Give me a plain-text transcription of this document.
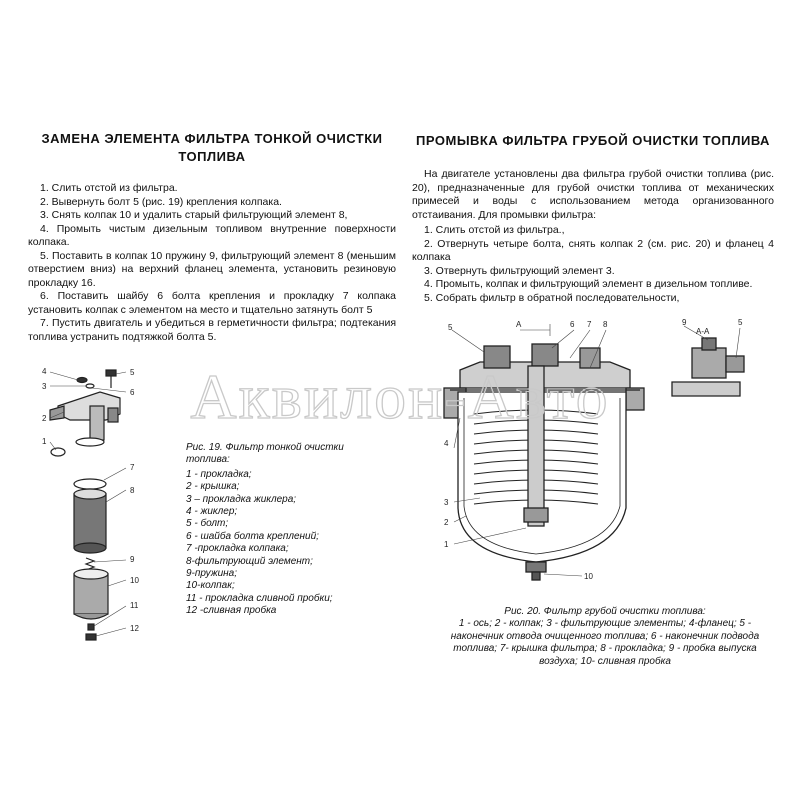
ЗАМЕНА ЭЛЕМЕНТА ФИЛЬТРА ТОНКОЙ ОЧИСТКИ ТОПЛИВА

1. Слить отстой из фильтра.

2. Вывернуть болт 5 (рис. 19) крепления колпака.

3. Снять колпак 10 и удалить старый фильтрующий элемент 8,

4. Промыть чистым дизельным топливом внутренние поверхности колпака.

5. Поставить в колпак 10 пружину 9, фильтрующий элемент 8 (меньшим отверстием вниз) на верхний фланец элемента, установить резиновую прокладку 16.

6. Поставить шайбу 6 болта крепления и прокладку 7 колпака установить колпак с элементом на место и тщательно затянуть болт 5

7. Пустить двигатель и убедиться в герметичности фильтра; подтекания топлива устранить подтяжкой болта 5.

ПРОМЫВКА ФИЛЬТРА ГРУБОЙ ОЧИСТКИ ТОПЛИВА

На двигателе установлены два фильтра грубой очистки топлива (рис. 20), предназначенные для грубой очистки топлива от механических примесей и воды с использованием метода организованного отстаивания. Для промывки фильтра:

1. Слить отстой из фильтра.,

2. Отвернуть четыре болта, снять колпак 2 (см. рис. 20) и фланец 4 колпака

3. Отвернуть фильтрующий элемент 3.

4. Промыть, колпак и фильтрующий элемент в дизельном топливе.

5. Собрать фильтр в обратной последовательности,

4
3
2
1
5
6
7
8
9
10
11
12
Рис. 19. Фильтр тонкой очистки топлива:
1 - прокладка;
2 - крышка;
3 – прокладка жиклера;
4 - жиклер;
5 - болт;
6 - шайба болта креплений;
7 -прокладка колпака;
8-фильтрующий элемент;
9-пружина;
10-колпак;
11 - прокладка сливной пробки;
12 -сливная пробка
5	A	6 7 8	9
A-A
5
4
3
2
1
10
Рис. 20. Фильтр грубой очистки топлива:
1 - ось; 2 - колпак; 3 - фильтрующие элементы; 4-фланец; 5 - наконечник отвода очищенного топлива; 6 - наконечник подвода топлива; 7- крышка фильтра; 8 - прокладка; 9 - пробка выпуска воздуха; 10- сливная пробка
Аквилон-Авто
